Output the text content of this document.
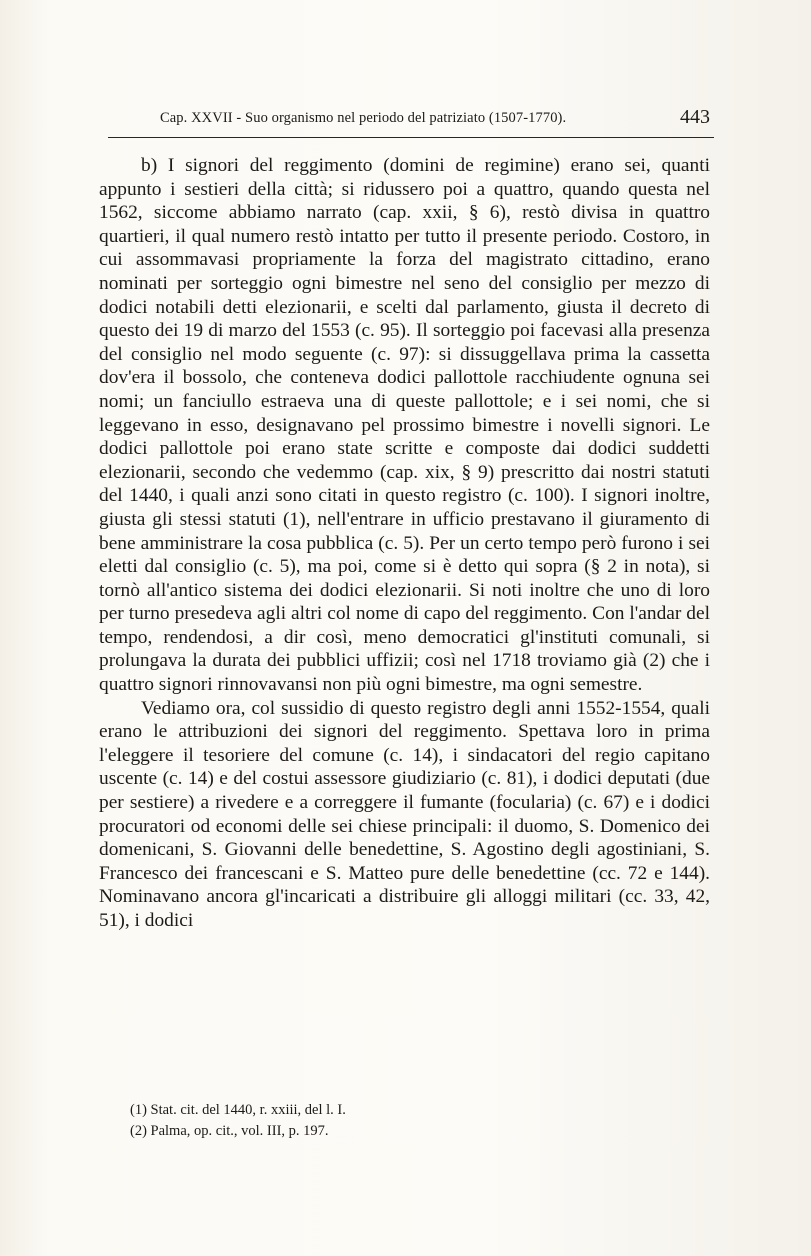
Cap. XXVII - Suo organismo nel periodo del patriziato (1507-1770).	443

b) I signori del reggimento (domini de regimine) erano sei, quanti appunto i sestieri della città; si ridussero poi a quattro, quando questa nel 1562, siccome abbiamo narrato (cap. xxii, § 6), restò divisa in quattro quartieri, il qual numero restò intatto per tutto il presente periodo. Costoro, in cui assommavasi propriamente la forza del magistrato cittadino, erano nominati per sorteggio ogni bimestre nel seno del consiglio per mezzo di dodici notabili detti elezionarii, e scelti dal parlamento, giusta il decreto di questo dei 19 di marzo del 1553 (c. 95). Il sorteggio poi facevasi alla presenza del consiglio nel modo seguente (c. 97): si dissuggellava prima la cassetta dov'era il bossolo, che conteneva dodici pallottole racchiudente ognuna sei nomi; un fanciullo estraeva una di queste pallottole; e i sei nomi, che si leggevano in esso, designavano pel prossimo bimestre i novelli signori. Le dodici pallottole poi erano state scritte e composte dai dodici suddetti elezionarii, secondo che vedemmo (cap. xix, § 9) prescritto dai nostri statuti del 1440, i quali anzi sono citati in questo registro (c. 100). I signori inoltre, giusta gli stessi statuti (1), nell'entrare in ufficio prestavano il giuramento di bene amministrare la cosa pubblica (c. 5). Per un certo tempo però furono i sei eletti dal consiglio (c. 5), ma poi, come si è detto qui sopra (§ 2 in nota), si tornò all'antico sistema dei dodici elezionarii. Si noti inoltre che uno di loro per turno presedeva agli altri col nome di capo del reggimento. Con l'andar del tempo, rendendosi, a dir così, meno democratici gl'instituti comunali, si prolungava la durata dei pubblici uffizii; così nel 1718 troviamo già (2) che i quattro signori rinnovavansi non più ogni bimestre, ma ogni semestre.

Vediamo ora, col sussidio di questo registro degli anni 1552-1554, quali erano le attribuzioni dei signori del reggimento. Spettava loro in prima l'eleggere il tesoriere del comune (c. 14), i sindacatori del regio capitano uscente (c. 14) e del costui assessore giudiziario (c. 81), i dodici deputati (due per sestiere) a rivedere e a correggere il fumante (focularia) (c. 67) e i dodici procuratori od economi delle sei chiese principali: il duomo, S. Domenico dei domenicani, S. Giovanni delle benedettine, S. Agostino degli agostiniani, S. Francesco dei francescani e S. Matteo pure delle benedettine (cc. 72 e 144). Nominavano ancora gl'incaricati a distribuire gli alloggi militari (cc. 33, 42, 51), i dodici

(1) Stat. cit. del 1440, r. xxiii, del l. I.
(2) Palma, op. cit., vol. III, p. 197.
